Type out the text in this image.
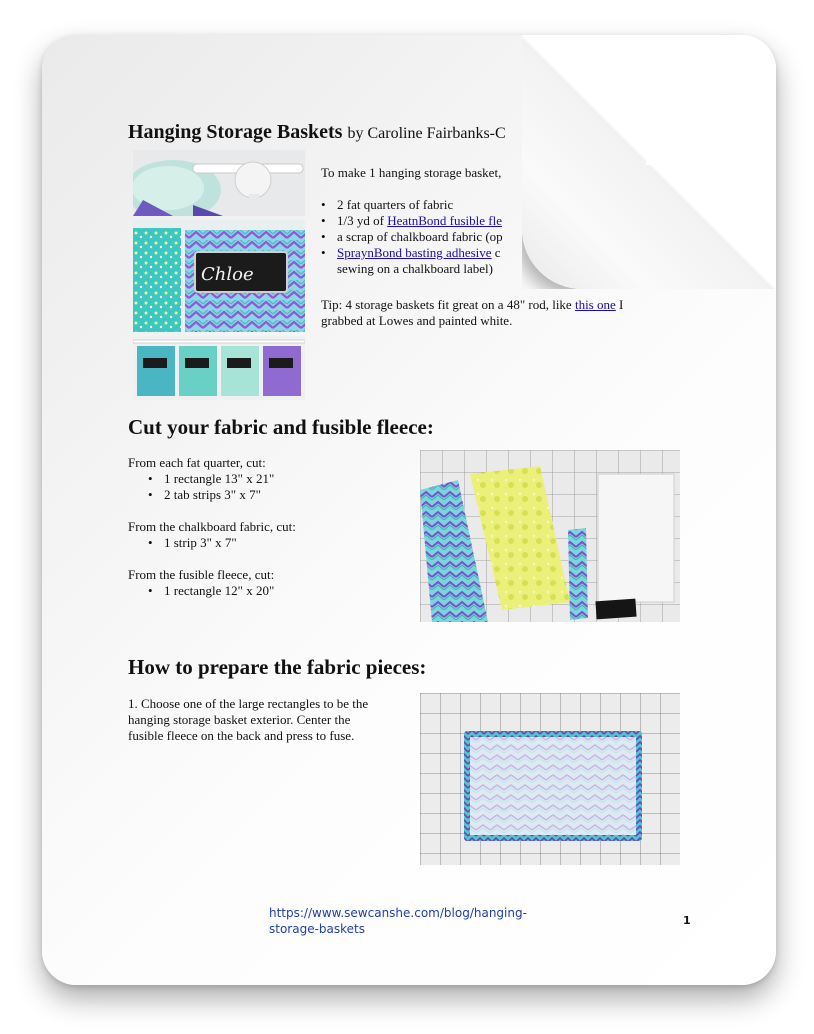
Hanging Storage Baskets by Caroline Fairbanks-C
Chloe
To make 1 hanging storage basket,
• 2 fat quarters of fabric
• 1/3 yd of HeatnBond fusible fle
• a scrap of chalkboard fabric (op
• SpraynBond basting adhesive c
sewing on a chalkboard label)
Tip: 4 storage baskets fit great on a 48" rod, like this one I
grabbed at Lowes and painted white.
Cut your fabric and fusible fleece:
From each fat quarter, cut:
• 1 rectangle 13" x 21"
• 2 tab strips 3" x 7"
From the chalkboard fabric, cut:
• 1 strip 3" x 7"
From the fusible fleece, cut:
• 1 rectangle 12" x 20"
How to prepare the fabric pieces:
1. Choose one of the large rectangles to be the
hanging storage basket exterior. Center the
fusible fleece on the back and press to fuse.
https://www.sewcanshe.com/blog/hanging-
storage-baskets
1
